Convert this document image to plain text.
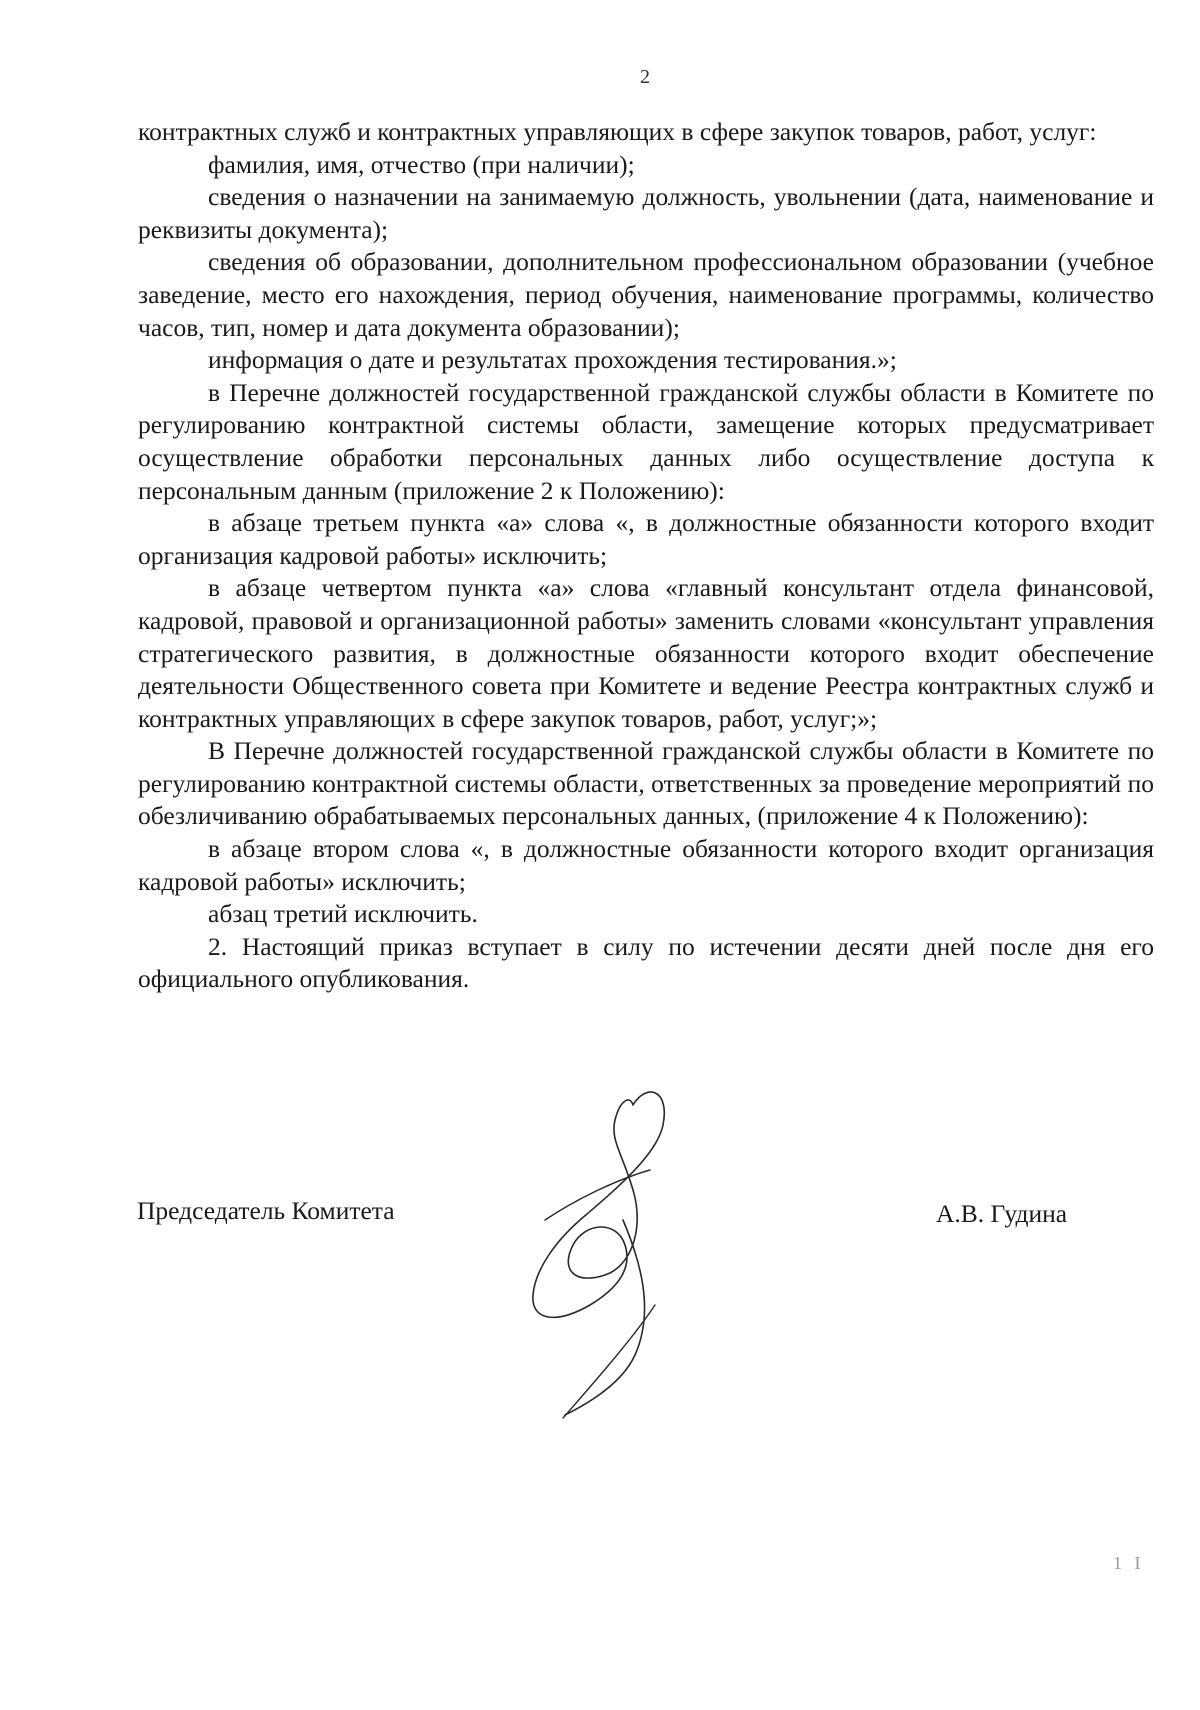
2

контрактных служб и контрактных управляющих в сфере закупок товаров, работ, услуг:

фамилия, имя, отчество (при наличии);

сведения о назначении на занимаемую должность, увольнении (дата, наименование и реквизиты документа);

сведения об образовании, дополнительном профессиональном образовании (учебное заведение, место его нахождения, период обучения, наименование программы, количество часов, тип, номер и дата документа образовании);

информация о дате и результатах прохождения тестирования.»;

в Перечне должностей государственной гражданской службы области в Комитете по регулированию контрактной системы области, замещение которых предусматривает осуществление обработки персональных данных либо осуществление доступа к персональным данным (приложение 2 к Положению):

в абзаце третьем пункта «а» слова «, в должностные обязанности которого входит организация кадровой работы» исключить;

в абзаце четвертом пункта «а» слова «главный консультант отдела финансовой, кадровой, правовой и организационной работы» заменить словами «консультант управления стратегического развития, в должностные обязанности которого входит обеспечение деятельности Общественного совета при Комитете и ведение Реестра контрактных служб и контрактных управляющих в сфере закупок товаров, работ, услуг;»;

В Перечне должностей государственной гражданской службы области в Комитете по регулированию контрактной системы области, ответственных за проведение мероприятий по обезличиванию обрабатываемых персональных данных, (приложение 4 к Положению):

в абзаце втором слова «, в должностные обязанности которого входит организация кадровой работы» исключить;

абзац третий исключить.

2. Настоящий приказ вступает в силу по истечении десяти дней после дня его официального опубликования.

Председатель Комитета	А.В. Гудина
1 I
